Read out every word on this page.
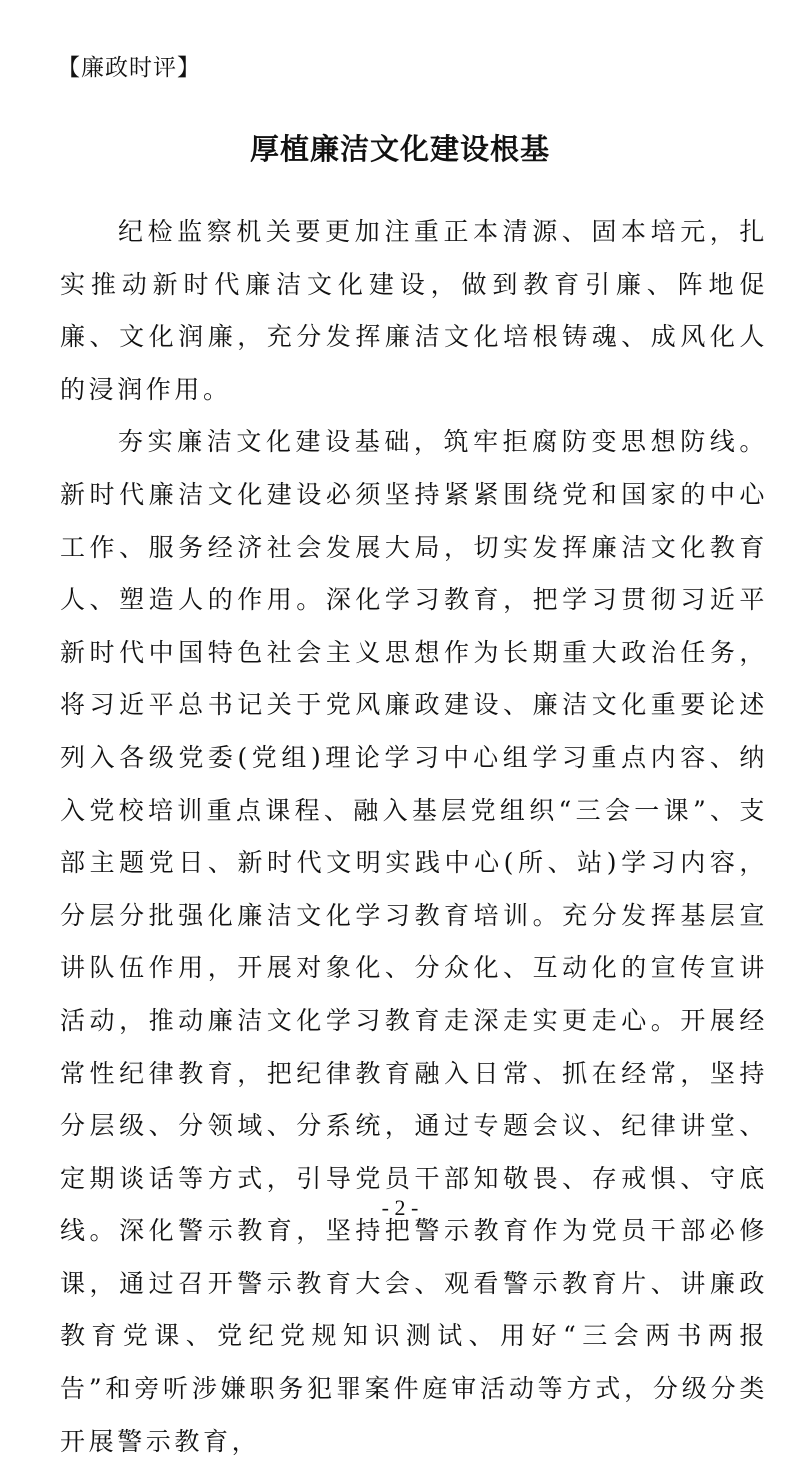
【廉政时评】
厚植廉洁文化建设根基

纪检监察机关要更加注重正本清源、固本培元，扎实推动新时代廉洁文化建设，做到教育引廉、阵地促廉、文化润廉，充分发挥廉洁文化培根铸魂、成风化人的浸润作用。

夯实廉洁文化建设基础，筑牢拒腐防变思想防线。新时代廉洁文化建设必须坚持紧紧围绕党和国家的中心工作、服务经济社会发展大局，切实发挥廉洁文化教育人、塑造人的作用。深化学习教育，把学习贯彻习近平新时代中国特色社会主义思想作为长期重大政治任务，将习近平总书记关于党风廉政建设、廉洁文化重要论述列入各级党委(党组)理论学习中心组学习重点内容、纳入党校培训重点课程、融入基层党组织“三会一课”、支部主题党日、新时代文明实践中心(所、站)学习内容，分层分批强化廉洁文化学习教育培训。充分发挥基层宣讲队伍作用，开展对象化、分众化、互动化的宣传宣讲活动，推动廉洁文化学习教育走深走实更走心。开展经常性纪律教育，把纪律教育融入日常、抓在经常，坚持分层级、分领域、分系统，通过专题会议、纪律讲堂、定期谈话等方式，引导党员干部知敬畏、存戒惧、守底线。深化警示教育，坚持把警示教育作为党员干部必修课，通过召开警示教育大会、观看警示教育片、讲廉政教育党课、党纪党规知识测试、用好“三会两书两报告”和旁听涉嫌职务犯罪案件庭审活动等方式，分级分类开展警示教育，

- 2 -
